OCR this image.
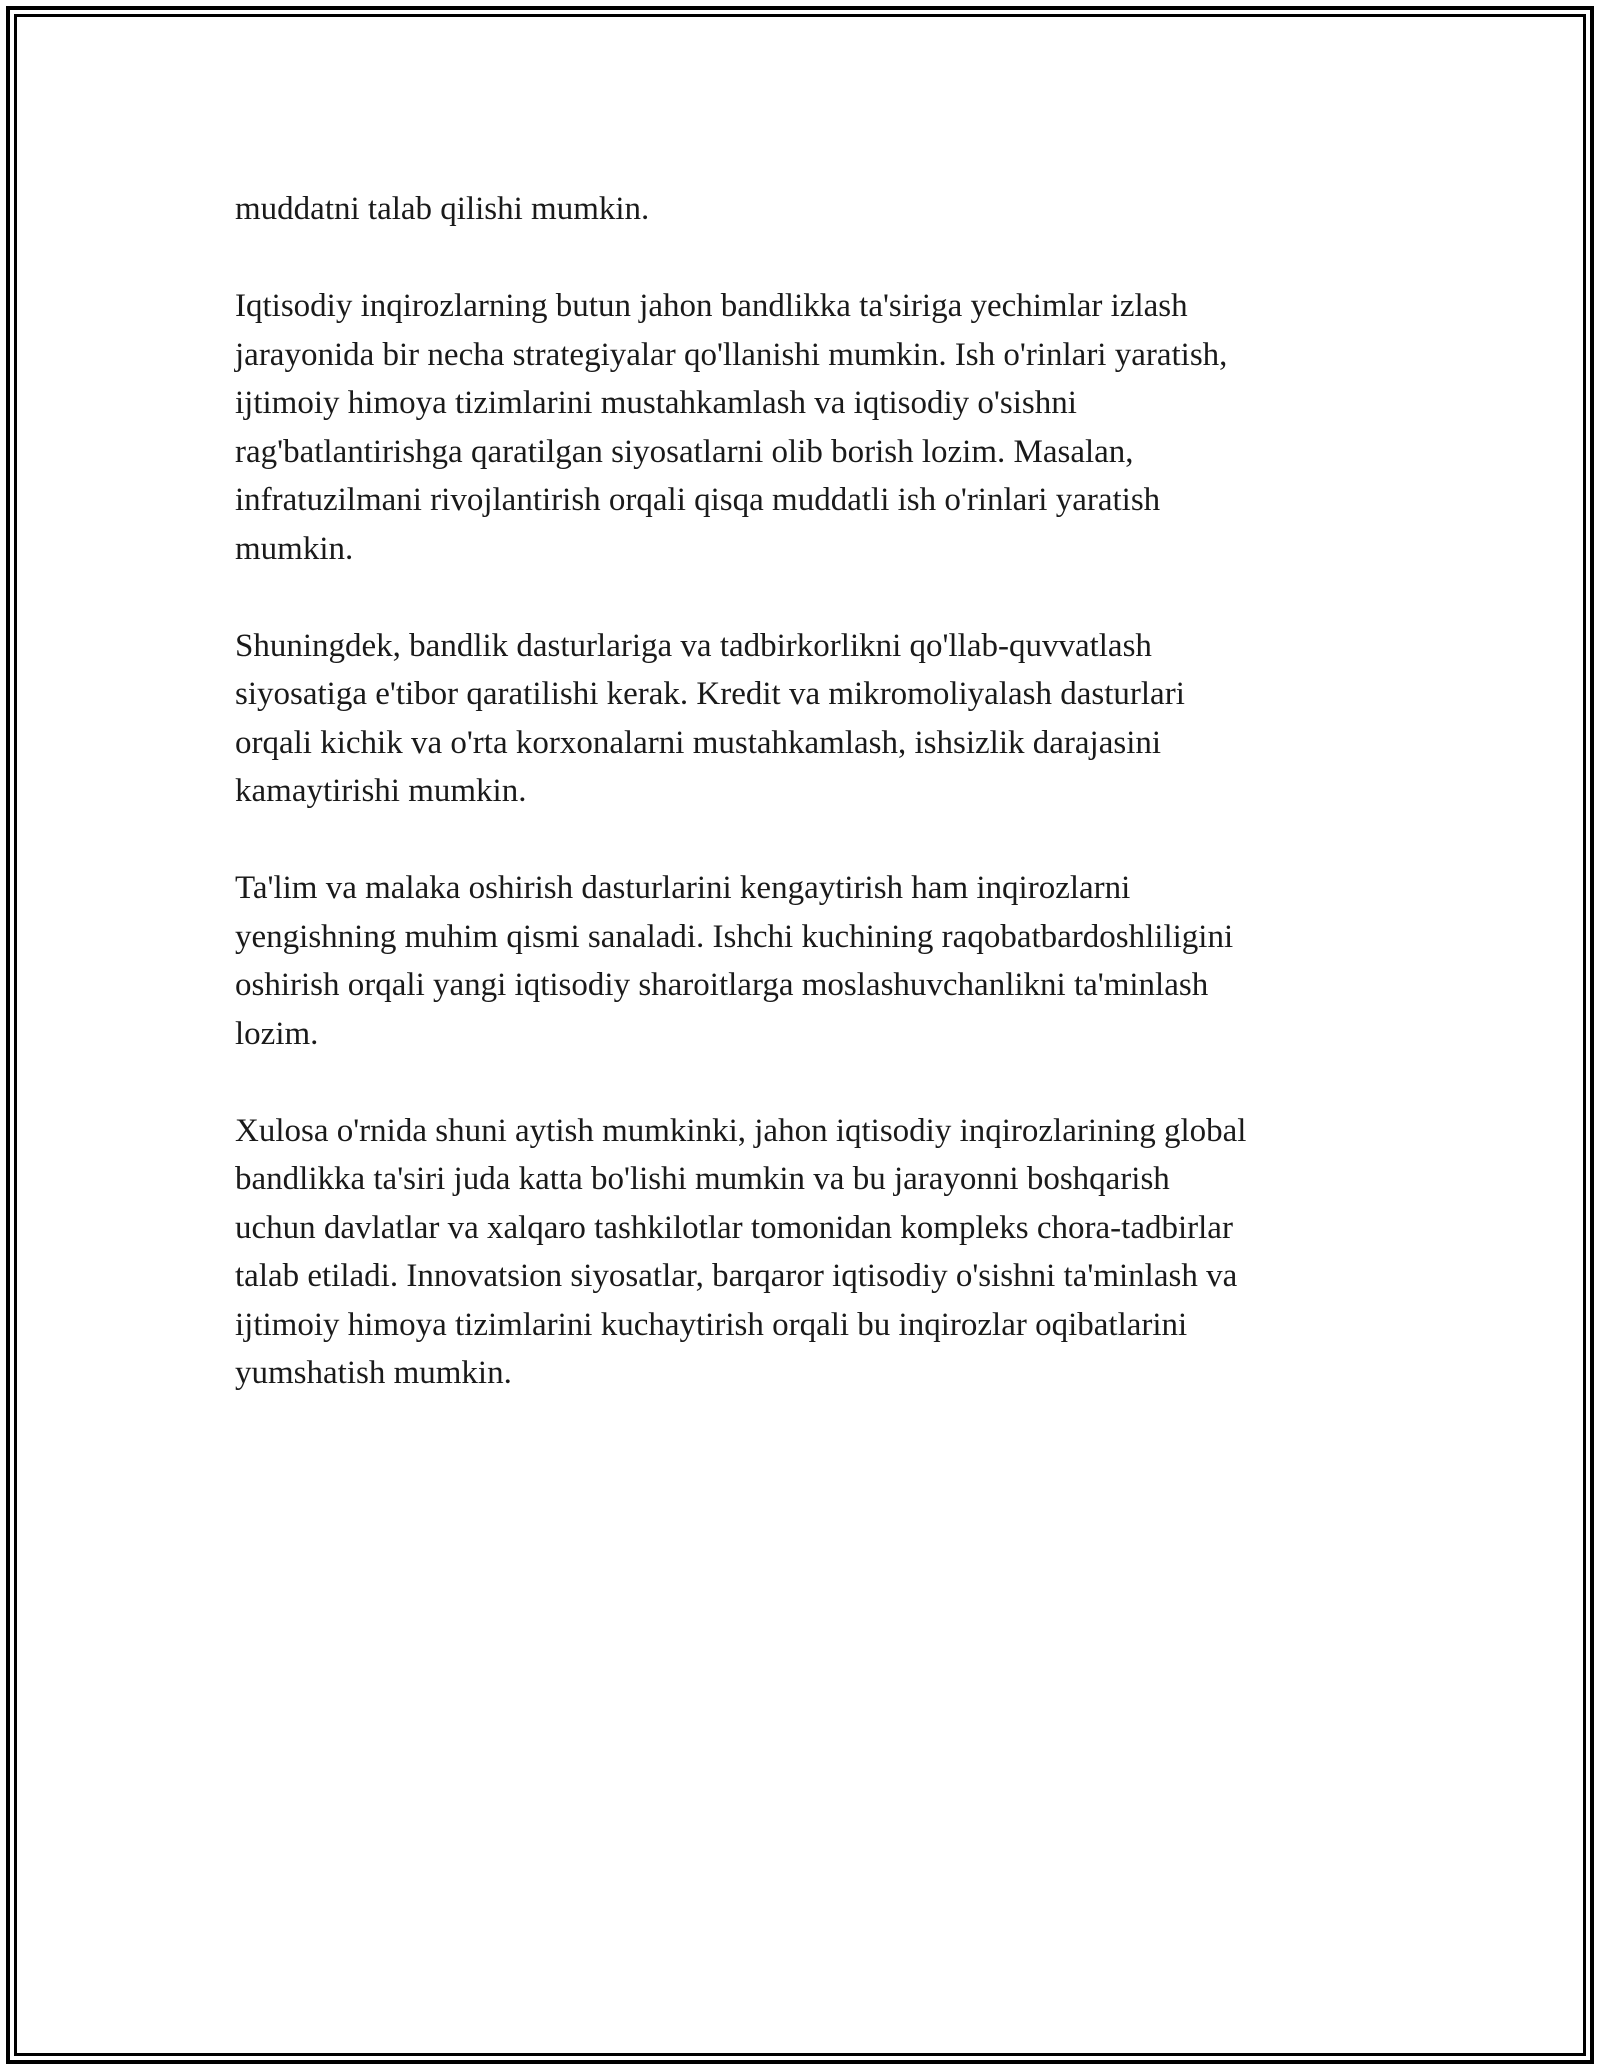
muddatni talab qilishi mumkin.

Iqtisodiy inqirozlarning butun jahon bandlikka ta'siriga yechimlar izlash
jarayonida bir necha strategiyalar qo'llanishi mumkin. Ish o'rinlari yaratish,
ijtimoiy himoya tizimlarini mustahkamlash va iqtisodiy o'sishni
rag'batlantirishga qaratilgan siyosatlarni olib borish lozim. Masalan,
infratuzilmani rivojlantirish orqali qisqa muddatli ish o'rinlari yaratish
mumkin.

Shuningdek, bandlik dasturlariga va tadbirkorlikni qo'llab-quvvatlash
siyosatiga e'tibor qaratilishi kerak. Kredit va mikromoliyalash dasturlari
orqali kichik va o'rta korxonalarni mustahkamlash, ishsizlik darajasini
kamaytirishi mumkin.

Ta'lim va malaka oshirish dasturlarini kengaytirish ham inqirozlarni
yengishning muhim qismi sanaladi. Ishchi kuchining raqobatbardoshliligini
oshirish orqali yangi iqtisodiy sharoitlarga moslashuvchanlikni ta'minlash
lozim.

Xulosa o'rnida shuni aytish mumkinki, jahon iqtisodiy inqirozlarining global
bandlikka ta'siri juda katta bo'lishi mumkin va bu jarayonni boshqarish
uchun davlatlar va xalqaro tashkilotlar tomonidan kompleks chora-tadbirlar
talab etiladi. Innovatsion siyosatlar, barqaror iqtisodiy o'sishni ta'minlash va
ijtimoiy himoya tizimlarini kuchaytirish orqali bu inqirozlar oqibatlarini
yumshatish mumkin.
